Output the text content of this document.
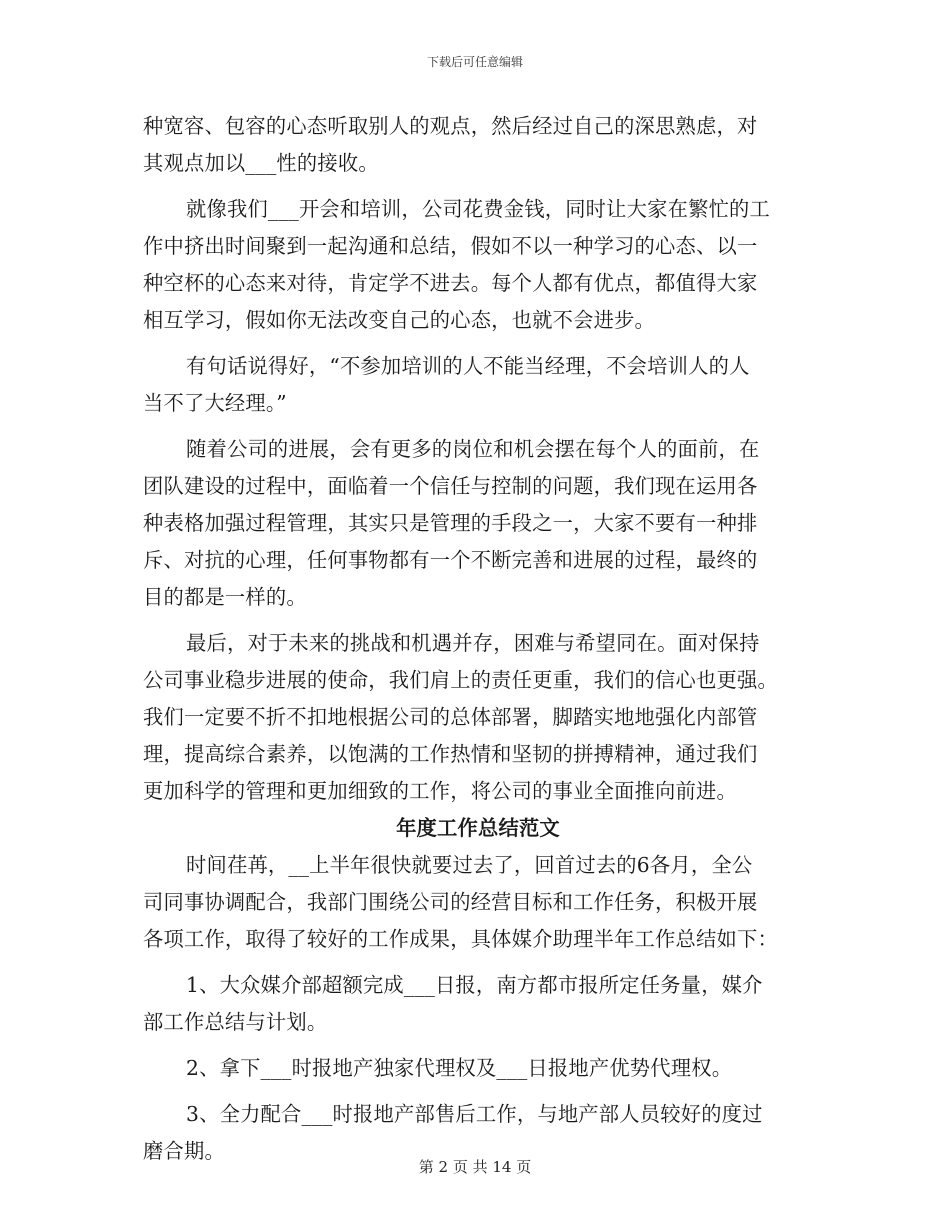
下载后可任意编辑
种宽容、包容的心态听取别人的观点，然后经过自己的深思熟虑，对
其观点加以___性的接收。
就像我们___开会和培训，公司花费金钱，同时让大家在繁忙的工
作中挤出时间聚到一起沟通和总结，假如不以一种学习的心态、以一
种空杯的心态来对待，肯定学不进去。每个人都有优点，都值得大家
相互学习，假如你无法改变自己的心态，也就不会进步。
有句话说得好，“不参加培训的人不能当经理，不会培训人的人
当不了大经理。”
随着公司的进展，会有更多的岗位和机会摆在每个人的面前，在
团队建设的过程中，面临着一个信任与控制的问题，我们现在运用各
种表格加强过程管理，其实只是管理的手段之一，大家不要有一种排
斥、对抗的心理，任何事物都有一个不断完善和进展的过程，最终的
目的都是一样的。
最后，对于未来的挑战和机遇并存，困难与希望同在。面对保持
公司事业稳步进展的使命，我们肩上的责任更重，我们的信心也更强。
我们一定要不折不扣地根据公司的总体部署，脚踏实地地强化内部管
理，提高综合素养，以饱满的工作热情和坚韧的拼搏精神，通过我们
更加科学的管理和更加细致的工作，将公司的事业全面推向前进。
年度工作总结范文
时间荏苒，__上半年很快就要过去了，回首过去的6各月，全公
司同事协调配合，我部门围绕公司的经营目标和工作任务，积极开展
各项工作，取得了较好的工作成果，具体媒介助理半年工作总结如下：
1、大众媒介部超额完成___日报，南方都市报所定任务量，媒介
部工作总结与计划。
2、拿下___时报地产独家代理权及___日报地产优势代理权。
3、全力配合___时报地产部售后工作，与地产部人员较好的度过
磨合期。
第 2 页 共 14 页
